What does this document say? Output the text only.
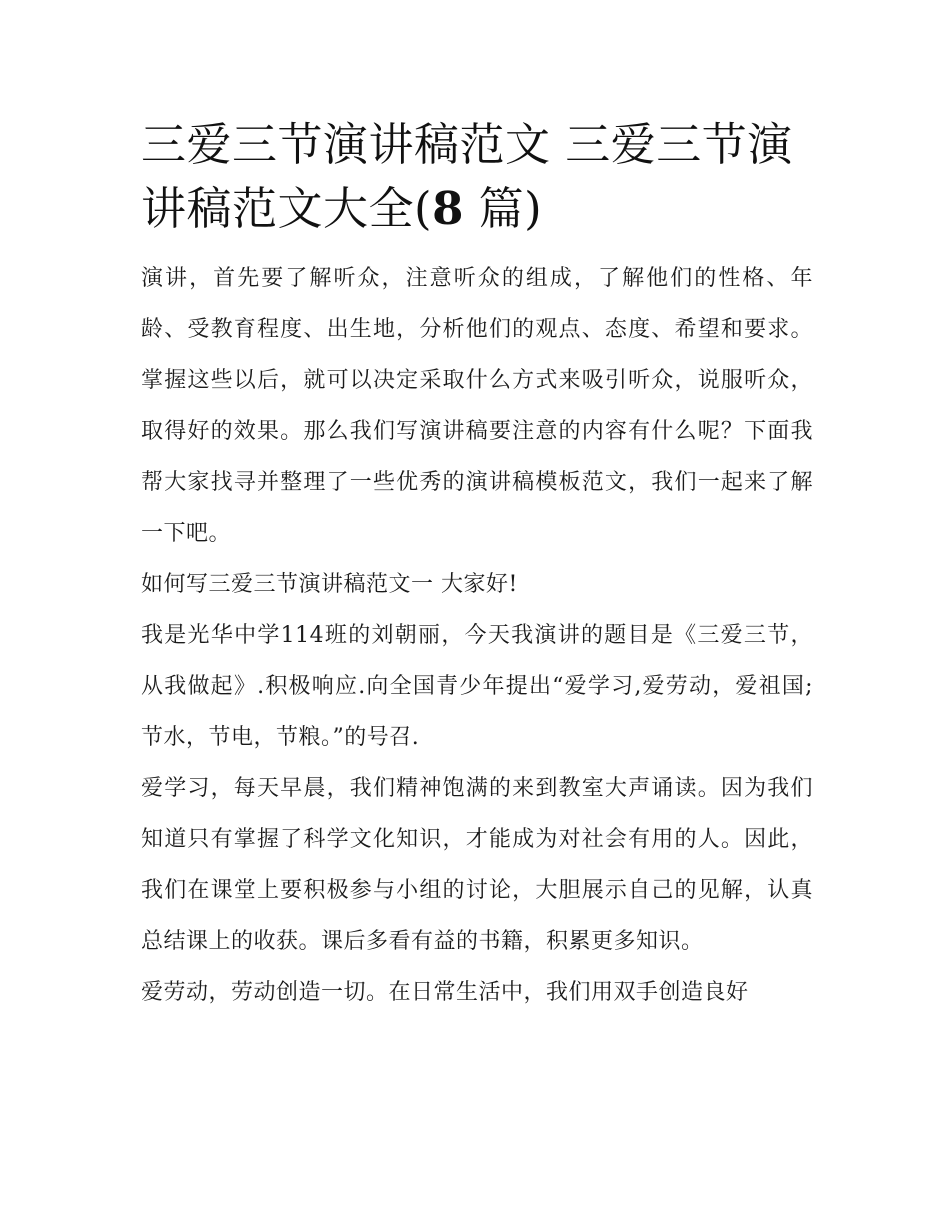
三爱三节演讲稿范文 三爱三节演讲稿范文大全(8 篇)

演讲，首先要了解听众，注意听众的组成，了解他们的性格、年龄、受教育程度、出生地，分析他们的观点、态度、希望和要求。掌握这些以后，就可以决定采取什么方式来吸引听众，说服听众，取得好的效果。那么我们写演讲稿要注意的内容有什么呢？下面我帮大家找寻并整理了一些优秀的演讲稿模板范文，我们一起来了解一下吧。

如何写三爱三节演讲稿范文一 大家好!

我是光华中学114班的刘朝丽，今天我演讲的题目是《三爱三节，从我做起》.积极响应.向全国青少年提出“爱学习,爱劳动，爱祖国;节水，节电，节粮。”的号召.

爱学习，每天早晨，我们精神饱满的来到教室大声诵读。因为我们知道只有掌握了科学文化知识，才能成为对社会有用的人。因此，我们在课堂上要积极参与小组的讨论，大胆展示自己的见解，认真总结课上的收获。课后多看有益的书籍，积累更多知识。

爱劳动，劳动创造一切。在日常生活中，我们用双手创造良好
